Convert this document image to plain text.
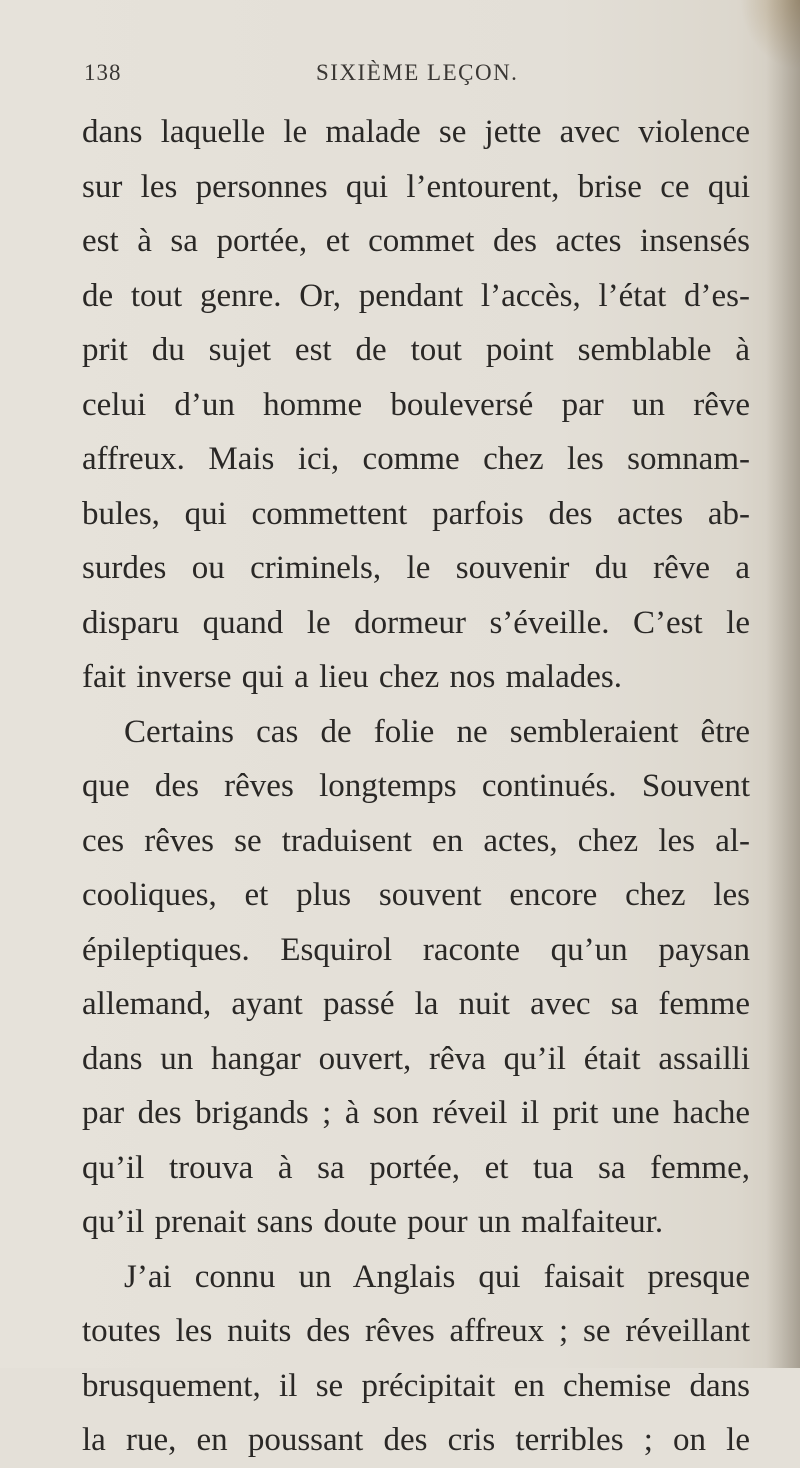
138	SIXIÈME LEÇON.
dans laquelle le malade se jette avec violence
sur les personnes qui l’entourent, brise ce qui
est à sa portée, et commet des actes insensés
de tout genre. Or, pendant l’accès, l’état d’es-
prit du sujet est de tout point semblable à
celui d’un homme bouleversé par un rêve
affreux. Mais ici, comme chez les somnam-
bules, qui commettent parfois des actes ab-
surdes ou criminels, le souvenir du rêve a
disparu quand le dormeur s’éveille. C’est le
fait inverse qui a lieu chez nos malades.
Certains cas de folie ne sembleraient être
que des rêves longtemps continués. Souvent
ces rêves se traduisent en actes, chez les al-
cooliques, et plus souvent encore chez les
épileptiques. Esquirol raconte qu’un paysan
allemand, ayant passé la nuit avec sa femme
dans un hangar ouvert, rêva qu’il était assailli
par des brigands ; à son réveil il prit une hache
qu’il trouva à sa portée, et tua sa femme,
qu’il prenait sans doute pour un malfaiteur.
J’ai connu un Anglais qui faisait presque
toutes les nuits des rêves affreux ; se réveillant
brusquement, il se précipitait en chemise dans
la rue, en poussant des cris terribles ; on le
